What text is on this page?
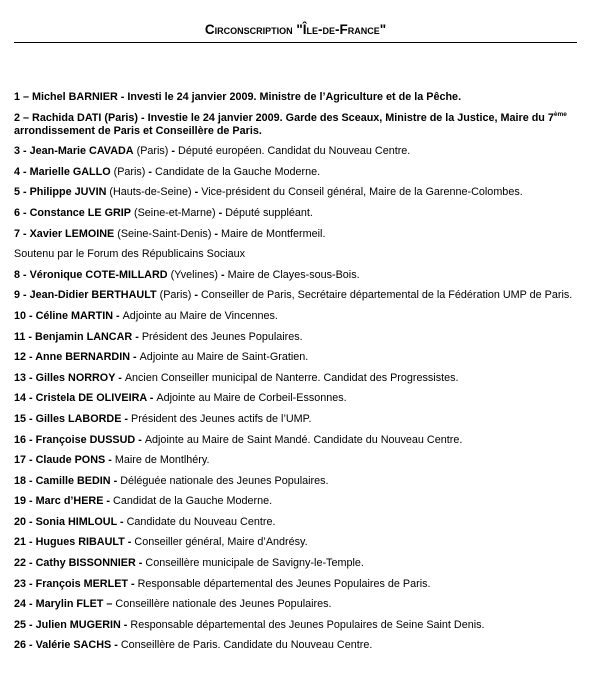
Circonscription "Île-de-France"
1 – Michel BARNIER - Investi le 24 janvier 2009. Ministre de l’Agriculture et de la Pêche.
2 – Rachida DATI (Paris) - Investie le 24 janvier 2009. Garde des Sceaux, Ministre de la Justice, Maire du 7ème arrondissement de Paris et Conseillère de Paris.
3 - Jean-Marie CAVADA (Paris) - Député européen. Candidat du Nouveau Centre.
4 - Marielle GALLO (Paris) - Candidate de la Gauche Moderne.
5 - Philippe JUVIN (Hauts-de-Seine) - Vice-président du Conseil général, Maire de la Garenne-Colombes.
6 - Constance LE GRIP (Seine-et-Marne) - Député suppléant.
7 - Xavier LEMOINE (Seine-Saint-Denis) - Maire de Montfermeil.
Soutenu par le Forum des Républicains Sociaux
8 - Véronique COTE-MILLARD (Yvelines) - Maire de Clayes-sous-Bois.
9 - Jean-Didier BERTHAULT (Paris) - Conseiller de Paris, Secrétaire départemental de la Fédération UMP de Paris.
10 - Céline MARTIN - Adjointe au Maire de Vincennes.
11 - Benjamin LANCAR - Président des Jeunes Populaires.
12 - Anne BERNARDIN - Adjointe au Maire de Saint-Gratien.
13 - Gilles NORROY - Ancien Conseiller municipal de Nanterre. Candidat des Progressistes.
14 - Cristela DE OLIVEIRA - Adjointe au Maire de Corbeil-Essonnes.
15 - Gilles LABORDE - Président des Jeunes actifs de l’UMP.
16 - Françoise DUSSUD - Adjointe au Maire de Saint Mandé. Candidate du Nouveau Centre.
17 - Claude PONS - Maire de Montlhéry.
18 - Camille BEDIN - Déléguée nationale des Jeunes Populaires.
19 - Marc d’HERE - Candidat de la Gauche Moderne.
20 - Sonia HIMLOUL - Candidate du Nouveau Centre.
21 - Hugues RIBAULT - Conseiller général, Maire d’Andrésy.
22 - Cathy BISSONNIER - Conseillère municipale de Savigny-le-Temple.
23 - François MERLET - Responsable départemental des Jeunes Populaires de Paris.
24 - Marylin FLET – Conseillère nationale des Jeunes Populaires.
25 - Julien MUGERIN - Responsable départemental des Jeunes Populaires de Seine Saint Denis.
26 - Valérie SACHS - Conseillère de Paris. Candidate du Nouveau Centre.
